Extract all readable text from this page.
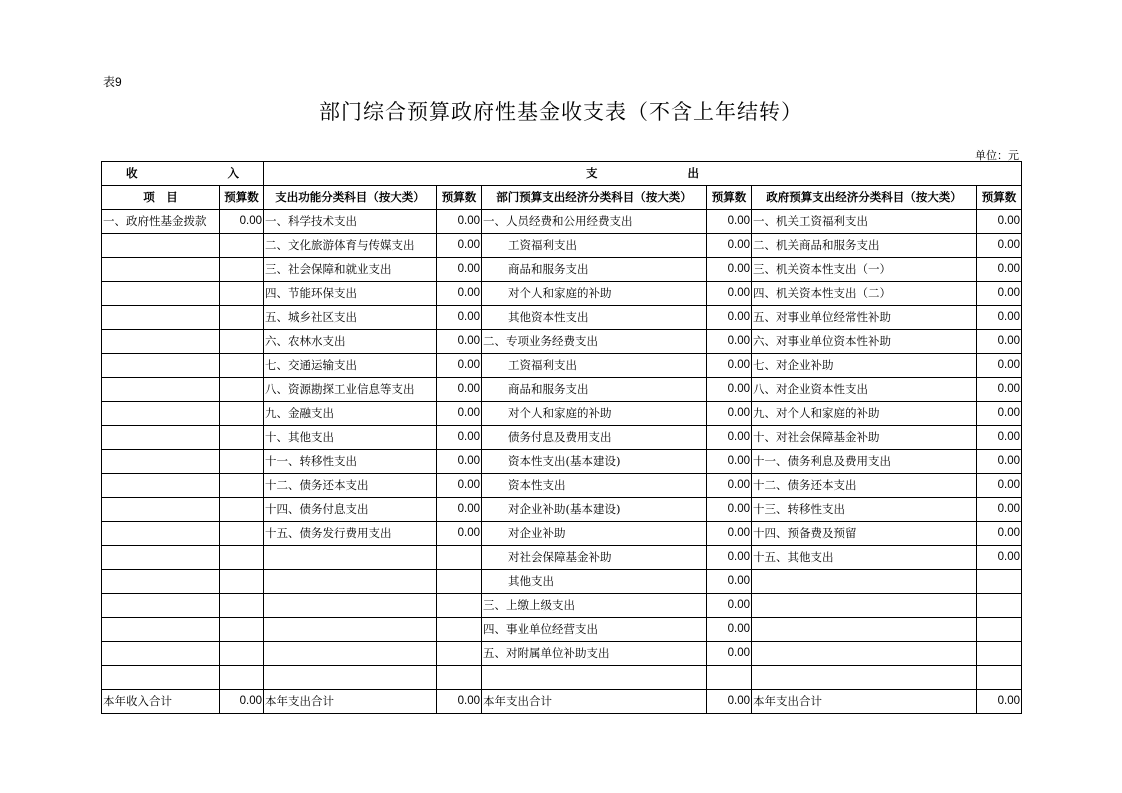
表9
部门综合预算政府性基金收支表（不含上年结转）
单位：元
收 入		支 出					
项　目	预算数	支出功能分类科目（按大类）	预算数	部门预算支出经济分类科目（按大类）	预算数	政府预算支出经济分类科目（按大类）	预算数
一、政府性基金拨款	0.00	一、科学技术支出	0.00	一、人员经费和公用经费支出	0.00	一、机关工资福利支出	0.00
		二、文化旅游体育与传媒支出	0.00	工资福利支出	0.00	二、机关商品和服务支出	0.00
		三、社会保障和就业支出	0.00	商品和服务支出	0.00	三、机关资本性支出（一）	0.00
		四、节能环保支出	0.00	对个人和家庭的补助	0.00	四、机关资本性支出（二）	0.00
		五、城乡社区支出	0.00	其他资本性支出	0.00	五、对事业单位经常性补助	0.00
		六、农林水支出	0.00	二、专项业务经费支出	0.00	六、对事业单位资本性补助	0.00
		七、交通运输支出	0.00	工资福利支出	0.00	七、对企业补助	0.00
		八、资源勘探工业信息等支出	0.00	商品和服务支出	0.00	八、对企业资本性支出	0.00
		九、金融支出	0.00	对个人和家庭的补助	0.00	九、对个人和家庭的补助	0.00
		十、其他支出	0.00	债务付息及费用支出	0.00	十、对社会保障基金补助	0.00
		十一、转移性支出	0.00	资本性支出(基本建设)	0.00	十一、债务利息及费用支出	0.00
		十二、债务还本支出	0.00	资本性支出	0.00	十二、债务还本支出	0.00
		十四、债务付息支出	0.00	对企业补助(基本建设)	0.00	十三、转移性支出	0.00
		十五、债务发行费用支出	0.00	对企业补助	0.00	十四、预备费及预留	0.00
				对社会保障基金补助	0.00	十五、其他支出	0.00
				其他支出	0.00		
				三、上缴上级支出	0.00		
				四、事业单位经营支出	0.00		
				五、对附属单位补助支出	0.00		

本年收入合计	0.00	本年支出合计	0.00	本年支出合计	0.00	本年支出合计	0.00
